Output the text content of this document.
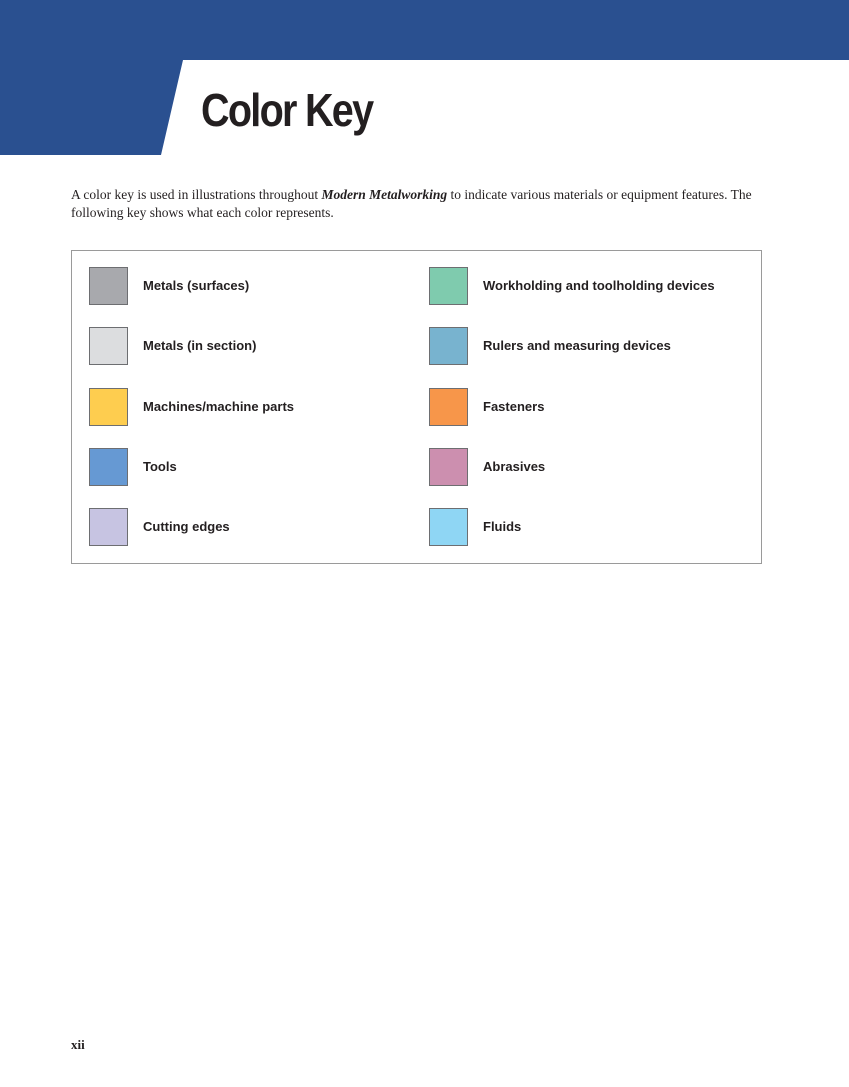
Color Key

A color key is used in illustrations throughout Modern Metalworking to indicate various materials or equipment features. The following key shows what each color represents.

Metals (surfaces)
Metals (in section)
Machines/machine parts
Tools
Cutting edges
Workholding and toolholding devices
Rulers and measuring devices
Fasteners
Abrasives
Fluids
xii
